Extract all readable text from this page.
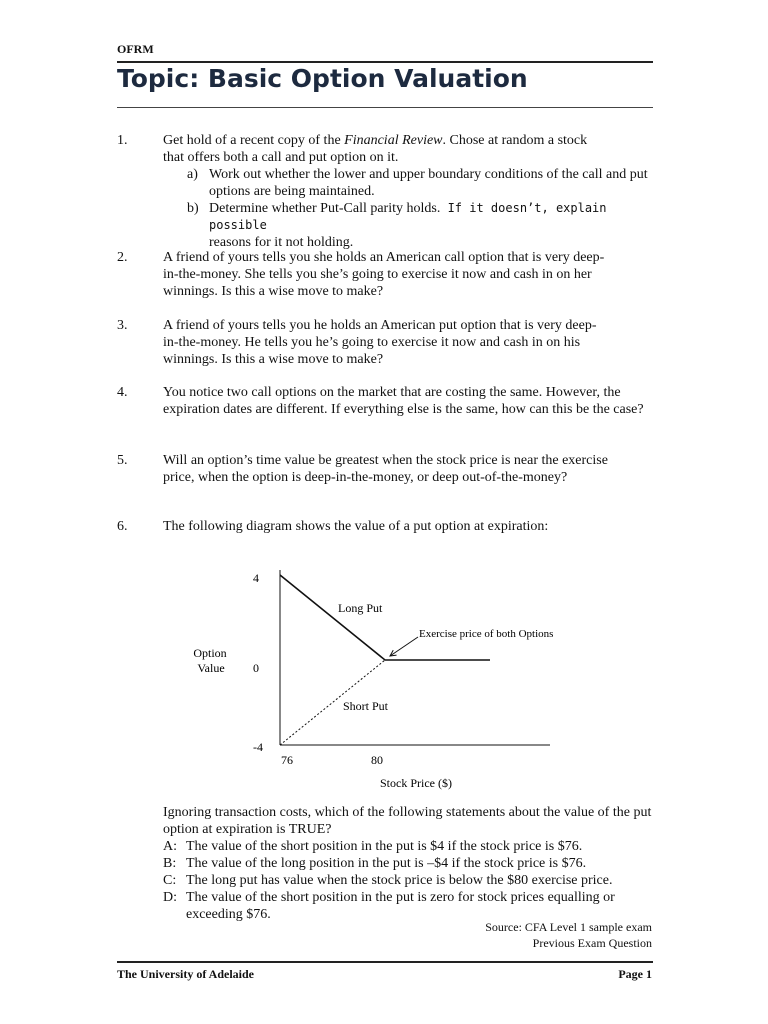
OFRM
Topic: Basic Option Valuation
1.	Get hold of a recent copy of the Financial Review. Chose at random a stock
that offers both a call and put option on it.
a) Work out whether the lower and upper boundary conditions of the call and put options are being maintained.
b) Determine whether Put-Call parity holds. If it doesn’t, explain possible
reasons for it not holding.
2.	A friend of yours tells you she holds an American call option that is very deep-
in-the-money. She tells you she’s going to exercise it now and cash in on her
winnings. Is this a wise move to make?
3.	A friend of yours tells you he holds an American put option that is very deep-
in-the-money. He tells you he’s going to exercise it now and cash in on his
winnings. Is this a wise move to make?
4.	You notice two call options on the market that are costing the same. However, the expiration dates are different. If everything else is the same, how can this be the case?
5.	Will an option’s time value be greatest when the stock price is near the exercise
price, when the option is deep-in-the-money, or deep out-of-the-money?
6.	The following diagram shows the value of a put option at expiration:
4
0
-4
76	80
Option
Value
Stock Price ($)
Long Put
Short Put
Exercise price of both Options
Ignoring transaction costs, which of the following statements about the value of the put option at expiration is TRUE?
A: The value of the short position in the put is $4 if the stock price is $76.
B: The value of the long position in the put is –$4 if the stock price is $76.
C: The long put has value when the stock price is below the $80 exercise price.
D: The value of the short position in the put is zero for stock prices equalling or exceeding $76.
Source: CFA Level 1 sample exam
Previous Exam Question
The University of Adelaide	Page 1
